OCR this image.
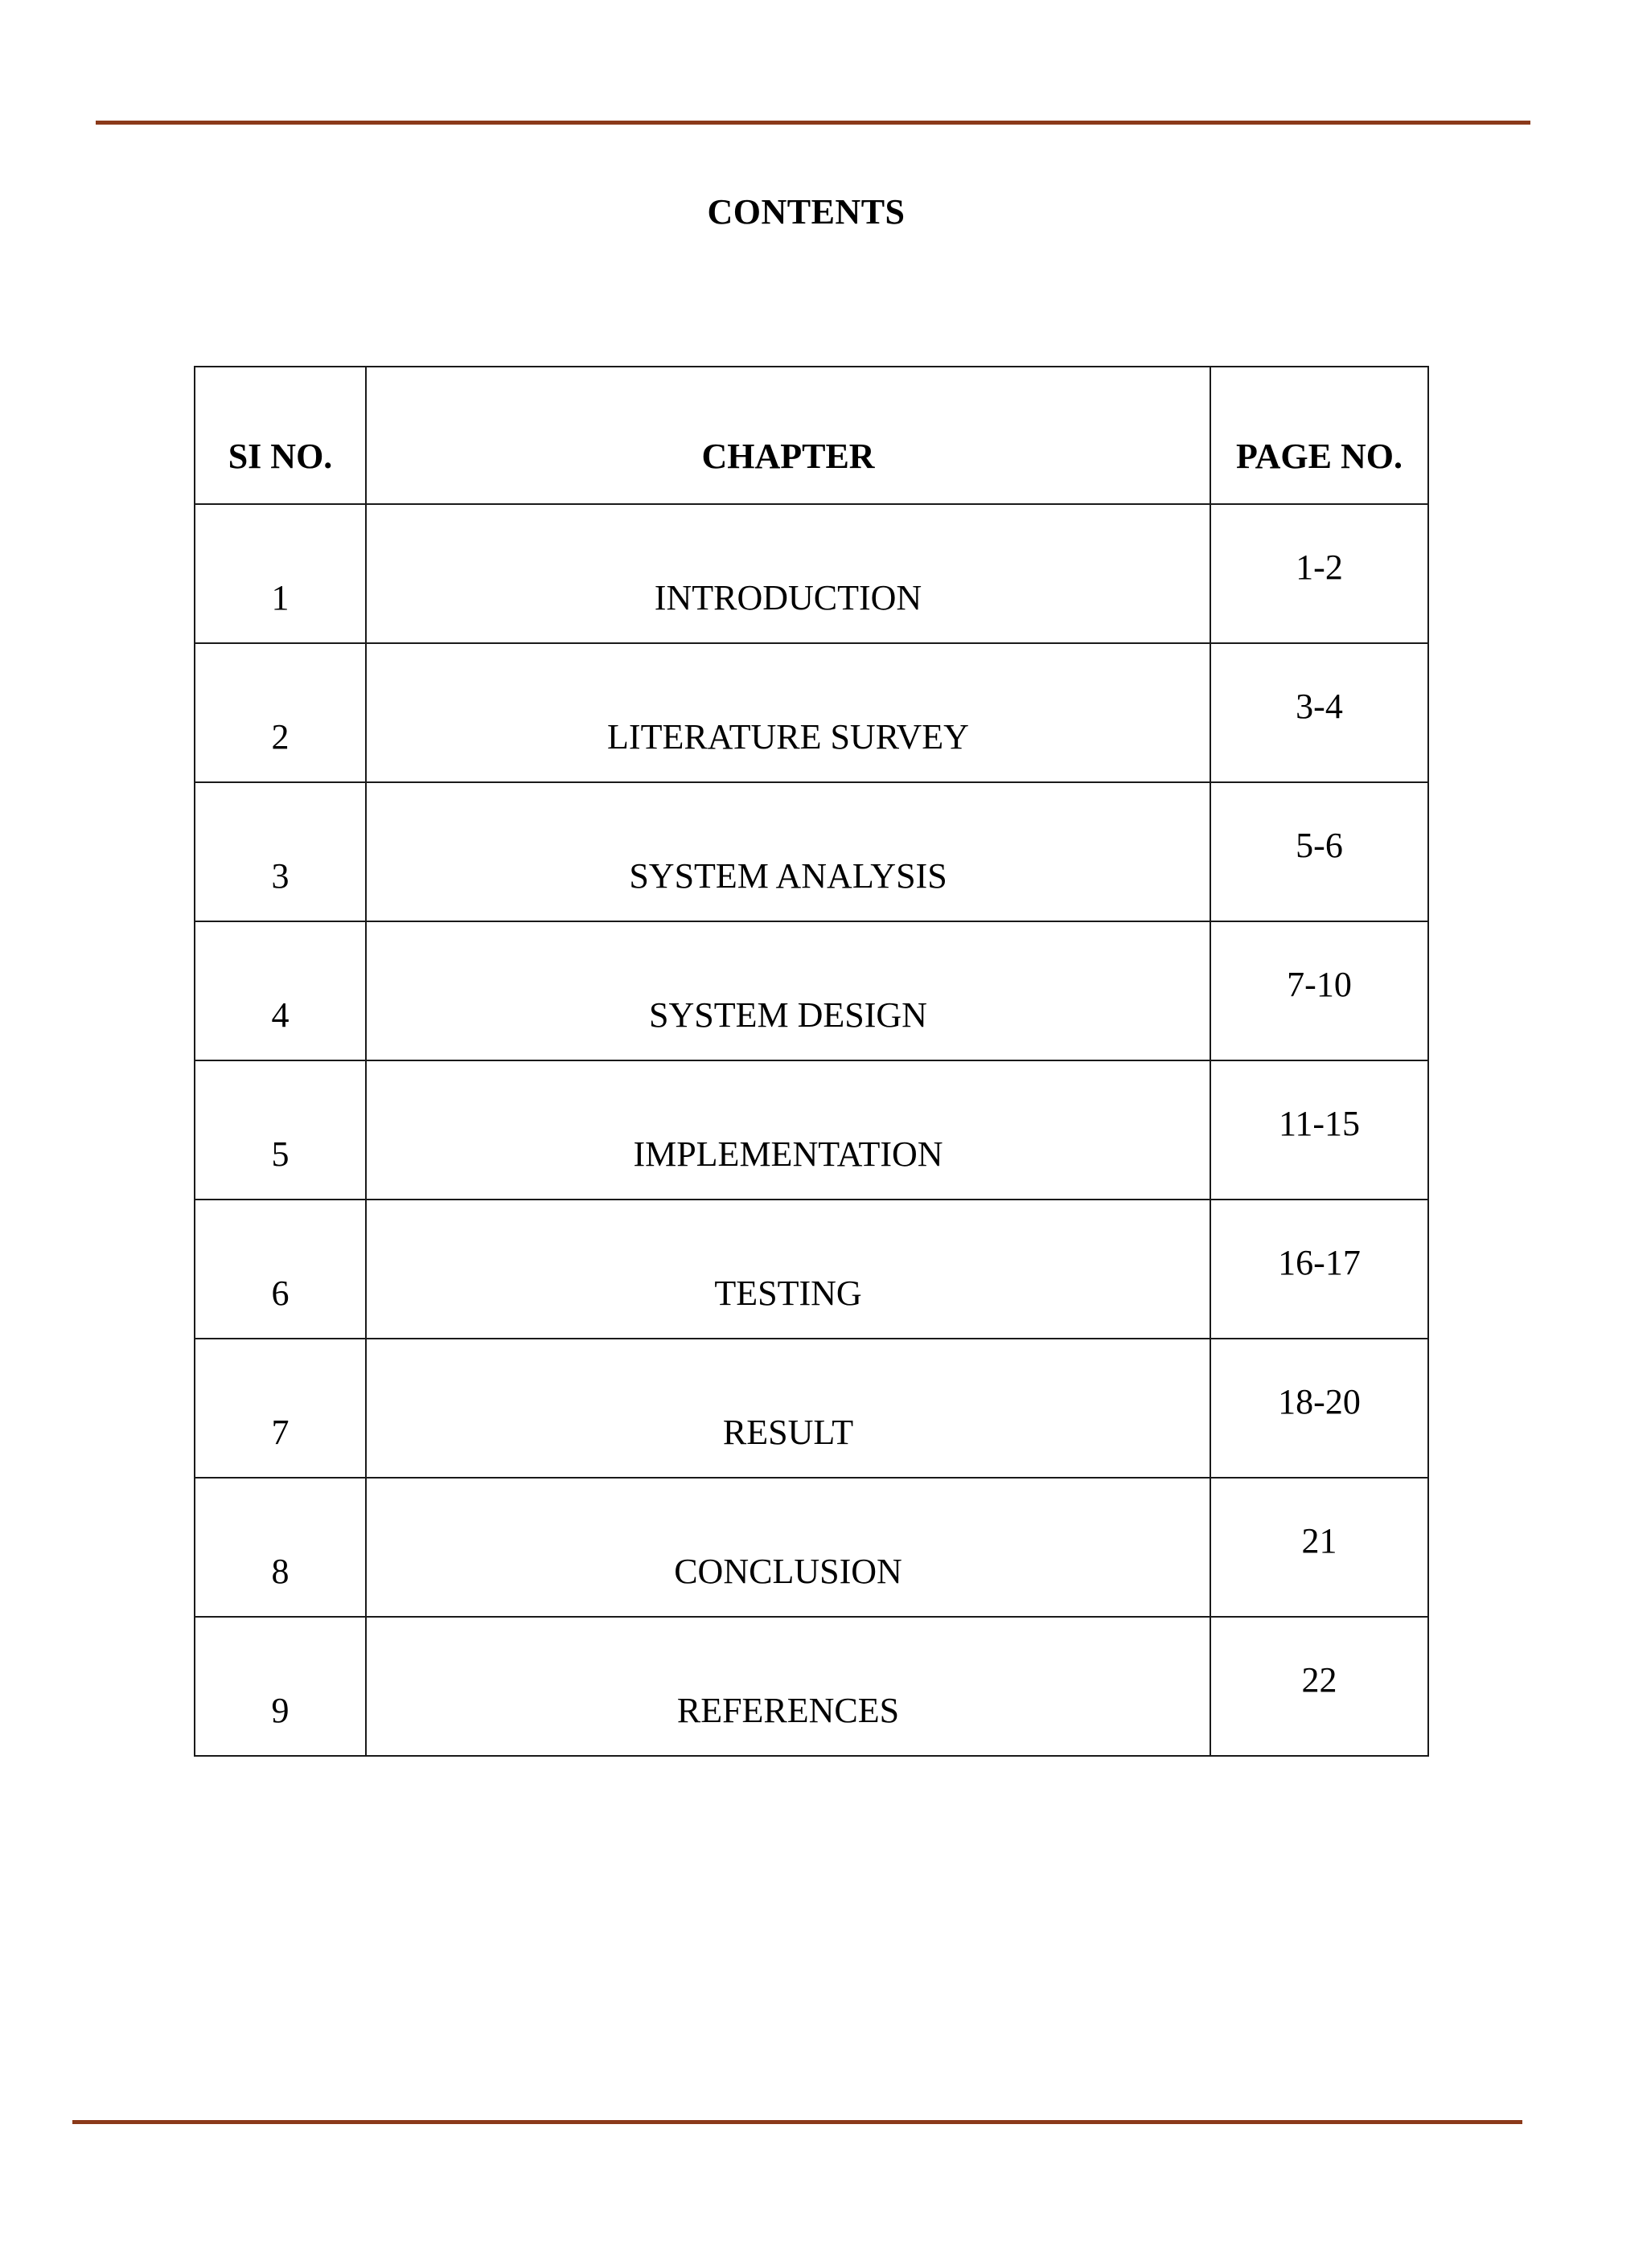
CONTENTS
SI NO.	CHAPTER	PAGE NO.

1	INTRODUCTION	1-2

2	LITERATURE SURVEY	3-4

3	SYSTEM ANALYSIS	5-6

4	SYSTEM DESIGN	7-10

5	IMPLEMENTATION	11-15

6	TESTING	16-17

7	RESULT	18-20

8	CONCLUSION	21

9	REFERENCES	22
